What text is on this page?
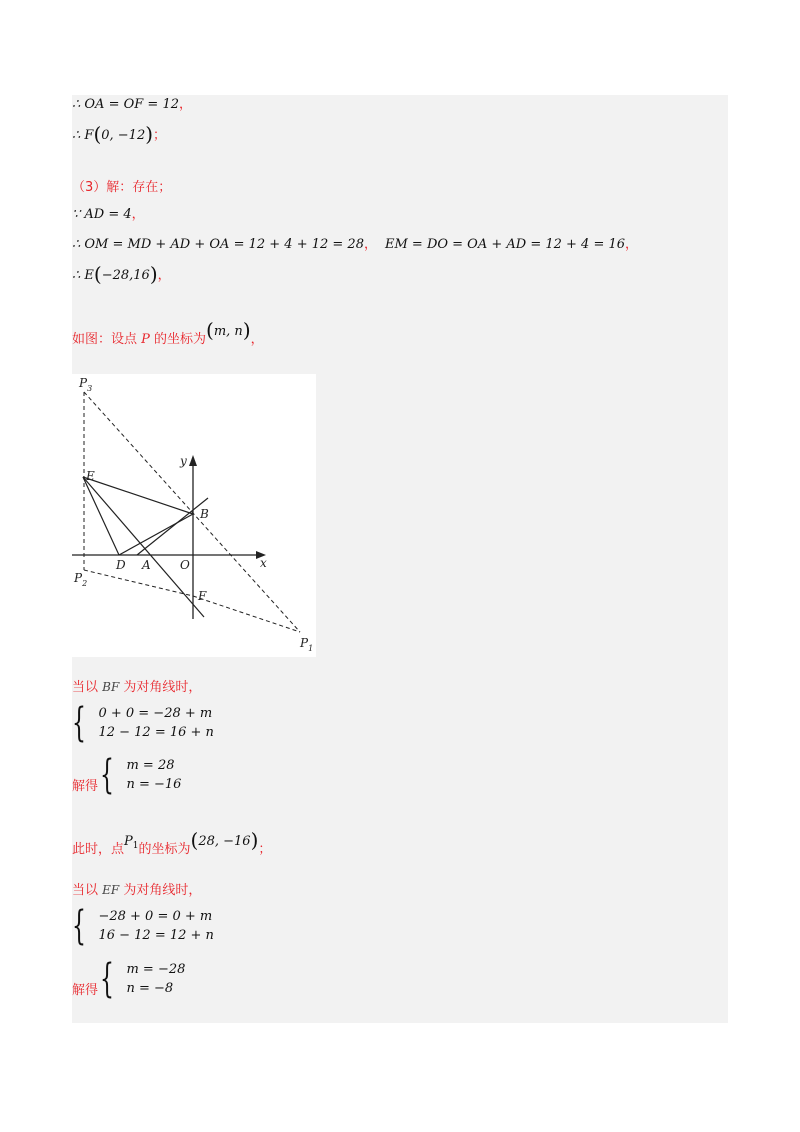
∴ OA = OF = 12，
∴ F(0, −12)；
（3）解：存在；
∵ AD = 4，
∴ OM = MD + AD + OA = 12 + 4 + 12 = 28， EM = DO = OA + AD = 12 + 4 = 16，
∴ E(−28,16)，
如图：设点 P 的坐标为(m, n)，
$P_3$
E
y
B
x
D A O
$P_2$
F
$P_1$
当以 BF 为对角线时，
{ 0 + 0 = −28 + m
12 − 12 = 16 + n
解得 { m = 28
n = −16
此时，点$P_1$的坐标为(28, −16)；
当以 EF 为对角线时，
{ −28 + 0 = 0 + m
16 − 12 = 12 + n
解得 { m = −28
n = −8
